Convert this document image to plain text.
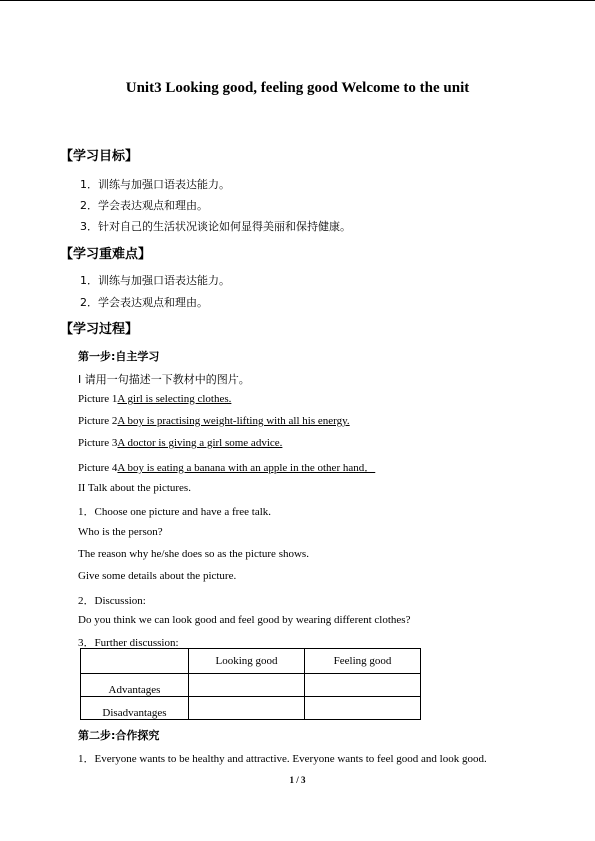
Unit3 Looking good, feeling good Welcome to the unit
【学习目标】
1．训练与加强口语表达能力。
2．学会表达观点和理由。
3．针对自己的生活状况谈论如何显得美丽和保持健康。
【学习重难点】
1．训练与加强口语表达能力。
2．学会表达观点和理由。
【学习过程】
第一步:自主学习
I 请用一句描述一下教材中的图片。
Picture 1A girl is selecting clothes.
Picture 2A boy is practising weight-lifting with all his energy.
Picture 3A doctor is giving a girl some advice.
Picture 4A boy is eating a banana with an apple in the other hand．
II Talk about the pictures.
1．Choose one picture and have a free talk.
Who is the person?
The reason why he/she does so as the picture shows.
Give some details about the picture.
2．Discussion:
Do you think we can look good and feel good by wearing different clothes?
3．Further discussion:
	Looking good	Feeling good
Advantages		
Disadvantages		
第二步:合作探究
1．Everyone wants to be healthy and attractive. Everyone wants to feel good and look good.
1 / 3
